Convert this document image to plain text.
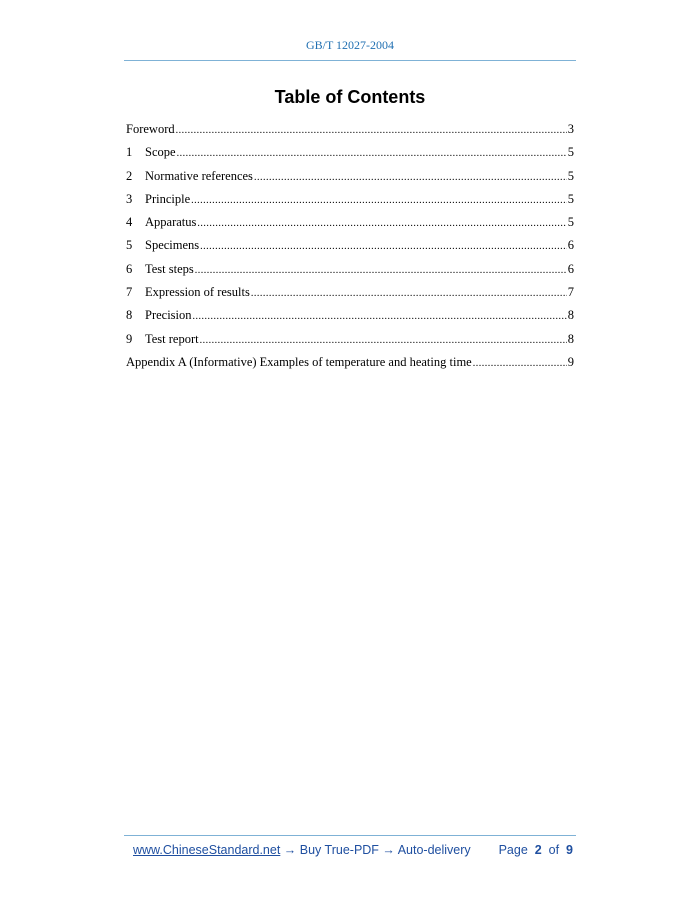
GB/T 12027-2004
Table of Contents
Foreword .....	3
1	Scope .....	5
2	Normative references .....	5
3	Principle .....	5
4	Apparatus .....	5
5	Specimens .....	6
6	Test steps .....	6
7	Expression of results .....	7
8	Precision .....	8
9	Test report .....	8
Appendix A (Informative) Examples of temperature and heating time .....	9
www.ChineseStandard.net → Buy True-PDF → Auto-delivery Page 2 of 9
